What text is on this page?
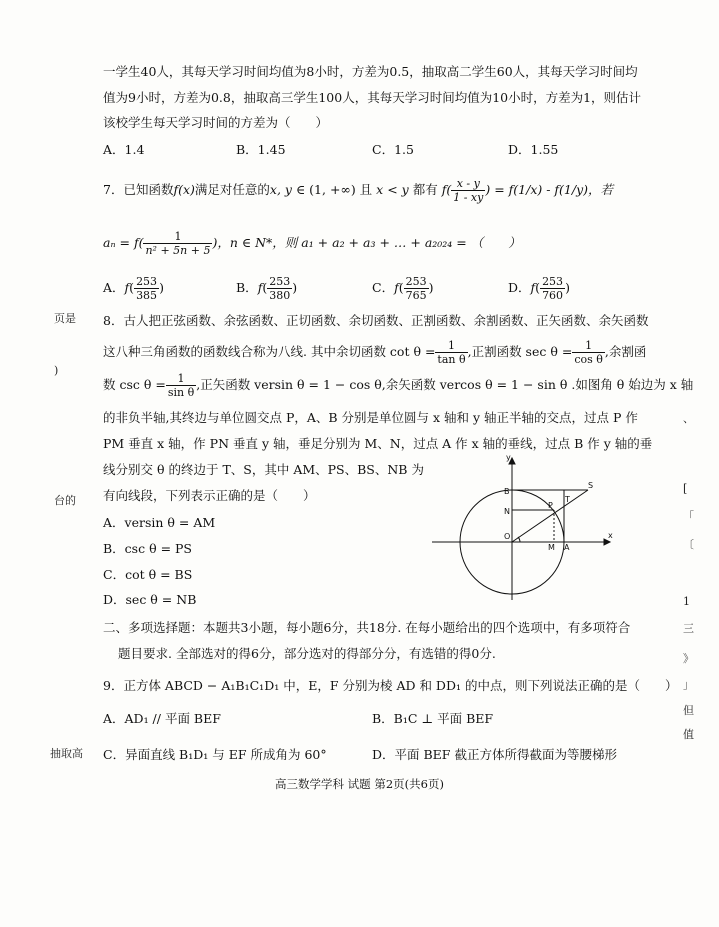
一学生40人，其每天学习时间均值为8小时，方差为0.5，抽取高二学生60人，其每天学习时间均
值为9小时，方差为0.8，抽取高三学生100人，其每天学习时间均值为10小时，方差为1，则估计
该校学生每天学习时间的方差为（　　）
A．1.4	B．1.45	C．1.5	D．1.55
7．已知函数f(x)满足对任意的x, y ∈ (1, +∞) 且 x < y 都有 $f( \frac{x - y}{1 - xy}$ ) = f(1/x) - f(1/y)，若
$a_n = f( \frac{1}{\text{n² + 5n + 5}}$ )，n ∈ N*，则 a₁ + a₂ + a₃ + … + a₂₀₂₄ = （　　）
A．$f( \frac{253}{385}$ )	B．$f( \frac{253}{380}$ )	C．$f( \frac{253}{765}$ )	D．$f( \frac{253}{760}$ )
8．古人把正弦函数、余弦函数、正切函数、余切函数、正割函数、余割函数、正矢函数、余矢函数
这八种三角函数的函数线合称为八线. 其中余切函数 $\cot \theta = \frac{1}{\text{tan θ}}$ ,正割函数 $\sec \theta = \frac{1}{\text{cos θ}}$ ,余割函
数 $\csc \theta = \frac{1}{\text{sin θ}}$ ,正矢函数 versin θ = 1 − cos θ,余矢函数 vercos θ = 1 − sin θ .如图角 θ 始边为 x 轴
的非负半轴,其终边与单位圆交点 P，A、B 分别是单位圆与 x 轴和 y 轴正半轴的交点，过点 P 作
PM 垂直 x 轴，作 PN 垂直 y 轴，垂足分别为 M、N，过点 A 作 x 轴的垂线，过点 B 作 y 轴的垂
线分别交 θ 的终边于 T、S，其中 AM、PS、BS、NB 为
有向线段，下列表示正确的是（　　）
A．versin θ = AM
B．csc θ = PS
C．cot θ = BS
D．sec θ = NB
y
x
B
N
P
T
S
O
M A
二、多项选择题：本题共3小题，每小题6分，共18分. 在每小题给出的四个选项中，有多项符合
题目要求. 全部选对的得6分，部分选对的得部分分，有选错的得0分.
9．正方体 ABCD − A₁B₁C₁D₁ 中，E，F 分别为棱 AD 和 DD₁ 的中点，则下列说法正确的是（　　）
A．AD₁ // 平面 BEF	B．B₁C ⊥ 平面 BEF
C．异面直线 B₁D₁ 与 EF 所成角为 60°	D．平面 BEF 截正方体所得截面为等腰梯形
页是
)
台的
抽取高
、
[
「
〔
1
三
》
」
但
值
高三数学学科 试题 第2页(共6页)
